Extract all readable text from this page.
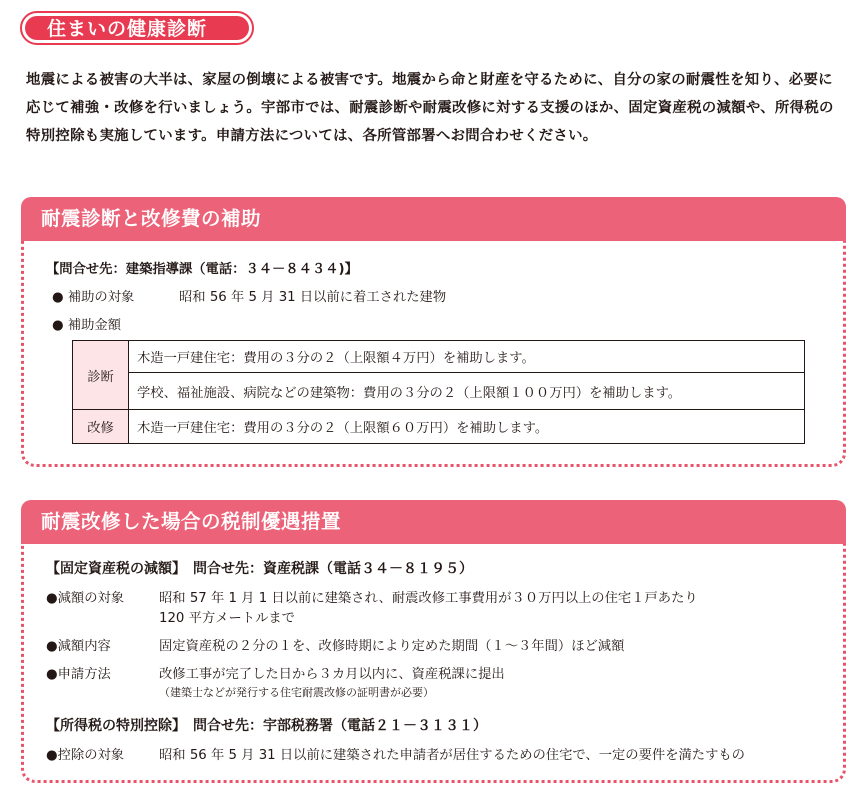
住まいの健康診断
地震による被害の大半は、家屋の倒壊による被害です。地震から命と財産を守るために、自分の家の耐震性を知り、必要に応じて補強・改修を行いましょう。宇部市では、耐震診断や耐震改修に対する支援のほか、固定資産税の減額や、所得税の特別控除も実施しています。申請方法については、各所管部署へお問合わせください。
耐震診断と改修費の補助
【問合せ先：建築指導課（電話：３４－８４３４)】
● 補助の対象	昭和 56 年 5 月 31 日以前に着工された建物
● 補助金額
診断	木造一戸建住宅：費用の３分の２（上限額４万円）を補助します。
	学校、福祉施設、病院などの建築物：費用の３分の２（上限額１００万円）を補助します。
改修	木造一戸建住宅：費用の３分の２（上限額６０万円）を補助します。
耐震改修した場合の税制優遇措置
【固定資産税の減額】　問合せ先：資産税課（電話３４－８１９５）
●減額の対象	昭和 57 年 1 月 1 日以前に建築され、耐震改修工事費用が３０万円以上の住宅１戸あたり
120 平方メートルまで
●減額内容	固定資産税の２分の１を、改修時期により定めた期間（１～３年間）ほど減額
●申請方法	改修工事が完了した日から３カ月以内に、資産税課に提出
（建築士などが発行する住宅耐震改修の証明書が必要）
【所得税の特別控除】　問合せ先：宇部税務署（電話２１－３１３１）
●控除の対象	昭和 56 年 5 月 31 日以前に建築された申請者が居住するための住宅で、一定の要件を満たすもの
